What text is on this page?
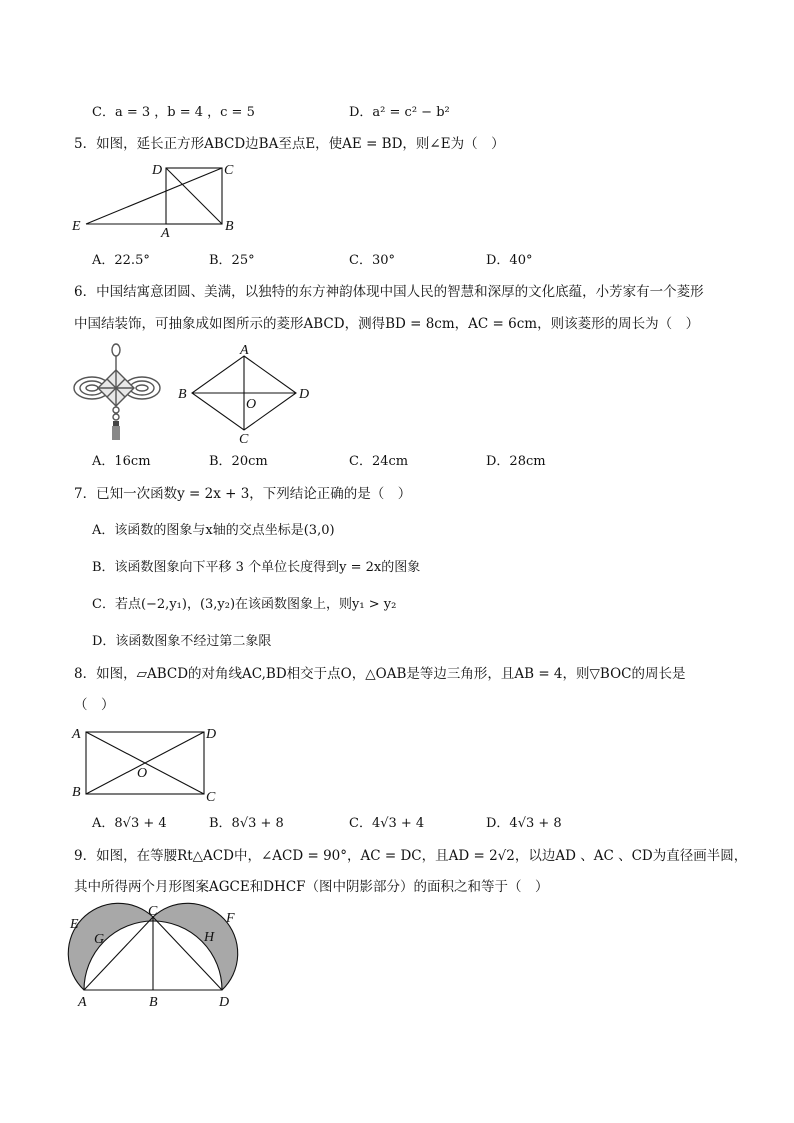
C．a = 3 ，b = 4 ，c = 5	D．a² = c² − b²
5．如图，延长正方形ABCD边BA至点E，使AE = BD，则∠E为（　）
D	C
E	A	B
A．22.5°	B．25°	C．30°	D．40°
6．中国结寓意团圆、美满，以独特的东方神韵体现中国人民的智慧和深厚的文化底蕴，小芳家有一个菱形
中国结装饰，可抽象成如图所示的菱形ABCD，测得BD = 8cm，AC = 6cm，则该菱形的周长为（　）
A
B
O
D
C
A．16cm	B．20cm	C．24cm	D．28cm
7．已知一次函数y = 2x + 3，下列结论正确的是（　）
A．该函数的图象与x轴的交点坐标是(3,0)
B．该函数图象向下平移 3 个单位长度得到y = 2x的图象
C．若点(−2,y₁)，(3,y₂)在该函数图象上，则y₁ > y₂
D．该函数图象不经过第二象限
8．如图，▱ABCD的对角线AC,BD相交于点O，△OAB是等边三角形，且AB = 4，则▽BOC的周长是
（　）
A	D
O
B	C
A．8√3 + 4	B．8√3 + 8	C．4√3 + 4	D．4√3 + 8
9．如图，在等腰Rt△ACD中，∠ACD = 90°，AC = DC，且AD = 2√2，以边AD 、AC 、CD为直径画半圆，
其中所得两个月形图案AGCE和DHCF（图中阴影部分）的面积之和等于（　）
E
C	F
G	H
A	B	D
